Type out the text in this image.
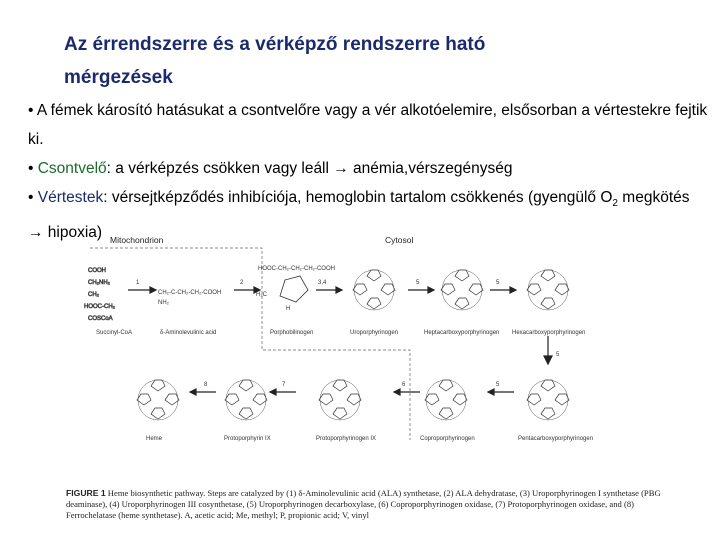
Az érrendszerre és a vérképző rendszerre ható
mérgezések

• A fémek károsító hatásukat a csontvelőre vagy a vér alkotóelemire, elsősorban a vértestekre fejtik ki.

• Csontvelő: a vérképzés csökken vagy leáll → anémia,vérszegénység

• Vértestek: vérsejtképződés inhibíciója, hemoglobin tartalom csökkenés (gyengülő $O_2$ megkötés → hipoxia) Mitochondrion	Cytosol
COOH
CH₂NH₂
CH₂
HOOC-CH₂
COSCoA
CH₂-C-CH₂-CH₂-COOH
NH₂
HOOC-CH₂-CH₂-CH₂-COOH
H
H₂C
1	2	3,4	5	5
8	7	6	5
5
Succinyl-CoA	δ-Aminolevulinic acid	Porphobilinogen	Uroporphyrinogen	Heptacarboxyporphyrinogen Hexacarboxyporphyrinogen
Heme	Protoporphyrin IX	Protoporphyrinogen IX	Coproporphyrinogen	Pentacarboxyporphyrinogen
FIGURE 1 Heme biosynthetic pathway. Steps are catalyzed by (1) δ-Aminolevulinic acid (ALA) synthetase, (2) ALA dehydratase, (3) Uroporphyrinogen I synthetase (PBG deaminase), (4) Uroporphyrinogen III cosynthetase, (5) Uroporphyrinogen decarboxylase, (6) Coproporphyrinogen oxidase, (7) Protoporphyrinogen oxidase, and (8) Ferrochelatase (heme synthetase). A, acetic acid; Me, methyl; P, propionic acid; V, vinyl
